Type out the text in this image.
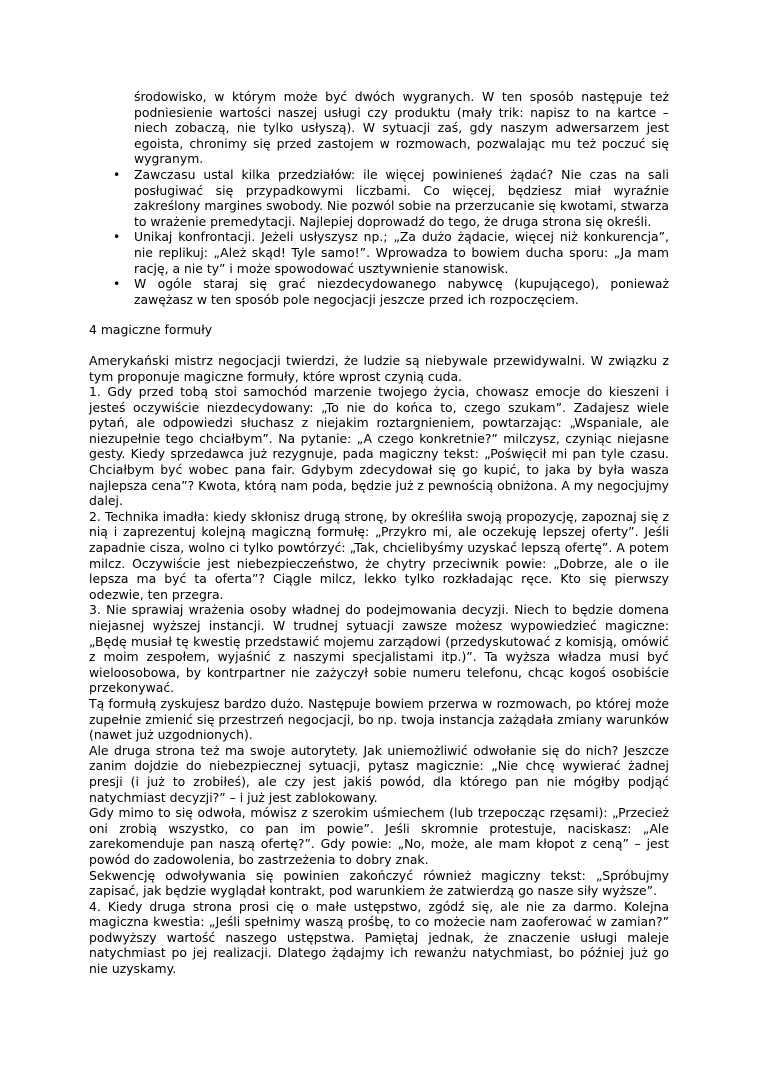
środowisko, w którym może być dwóch wygranych. W ten sposób następuje też podniesienie wartości naszej usługi czy produktu (mały trik: napisz to na kartce – niech zobaczą, nie tylko usłyszą). W sytuacji zaś, gdy naszym adwersarzem jest egoista, chronimy się przed zastojem w rozmowach, pozwalając mu też poczuć się wygranym.

• Zawczasu ustal kilka przedziałów: ile więcej powinieneś żądać? Nie czas na sali posługiwać się przypadkowymi liczbami. Co więcej, będziesz miał wyraźnie zakreślony margines swobody. Nie pozwól sobie na przerzucanie się kwotami, stwarza to wrażenie premedytacji. Najlepiej doprowadź do tego, że druga strona się określi.
• Unikaj konfrontacji. Jeżeli usłyszysz np.; „Za dużo żądacie, więcej niż konkurencja”, nie replikuj: „Ależ skąd! Tyle samo!”. Wprowadza to bowiem ducha sporu: „Ja mam rację, a nie ty” i może spowodować usztywnienie stanowisk.
• W ogóle staraj się grać niezdecydowanego nabywcę (kupującego), ponieważ zawężasz w ten sposób pole negocjacji jeszcze przed ich rozpoczęciem.

4 magiczne formuły

Amerykański mistrz negocjacji twierdzi, że ludzie są niebywale przewidywalni. W związku z tym proponuje magiczne formuły, które wprost czynią cuda.

1. Gdy przed tobą stoi samochód marzenie twojego życia, chowasz emocje do kieszeni i jesteś oczywiście niezdecydowany: „To nie do końca to, czego szukam”. Zadajesz wiele pytań, ale odpowiedzi słuchasz z niejakim roztargnieniem, powtarzając: „Wspaniale, ale niezupełnie tego chciałbym”. Na pytanie: „A czego konkretnie?” milczysz, czyniąc niejasne gesty. Kiedy sprzedawca już rezygnuje, pada magiczny tekst: „Poświęcił mi pan tyle czasu. Chciałbym być wobec pana fair. Gdybym zdecydował się go kupić, to jaka by była wasza najlepsza cena”? Kwota, którą nam poda, będzie już z pewnością obniżona. A my negocjujmy dalej.

2. Technika imadła: kiedy skłonisz drugą stronę, by określiła swoją propozycję, zapoznaj się z nią i zaprezentuj kolejną magiczną formułę: „Przykro mi, ale oczekuję lepszej oferty”. Jeśli zapadnie cisza, wolno ci tylko powtórzyć: „Tak, chcielibyśmy uzyskać lepszą ofertę”. A potem milcz. Oczywiście jest niebezpieczeństwo, że chytry przeciwnik powie: „Dobrze, ale o ile lepsza ma być ta oferta”? Ciągle milcz, lekko tylko rozkładając ręce. Kto się pierwszy odezwie, ten przegra.

3. Nie sprawiaj wrażenia osoby władnej do podejmowania decyzji. Niech to będzie domena niejasnej wyższej instancji. W trudnej sytuacji zawsze możesz wypowiedzieć magiczne: „Będę musiał tę kwestię przedstawić mojemu zarządowi (przedyskutować z komisją, omówić z moim zespołem, wyjaśnić z naszymi specjalistami itp.)”. Ta wyższa władza musi być wieloosobowa, by kontrpartner nie zażyczył sobie numeru telefonu, chcąc kogoś osobiście przekonywać.

Tą formułą zyskujesz bardzo dużo. Następuje bowiem przerwa w rozmowach, po której może zupełnie zmienić się przestrzeń negocjacji, bo np. twoja instancja zażądała zmiany warunków (nawet już uzgodnionych).

Ale druga strona też ma swoje autorytety. Jak uniemożliwić odwołanie się do nich? Jeszcze zanim dojdzie do niebezpiecznej sytuacji, pytasz magicznie: „Nie chcę wywierać żadnej presji (i już to zrobiłeś), ale czy jest jakiś powód, dla którego pan nie mógłby podjąć natychmiast decyzji?” – i już jest zablokowany.

Gdy mimo to się odwoła, mówisz z szerokim uśmiechem (lub trzepocząc rzęsami): „Przecież oni zrobią wszystko, co pan im powie”. Jeśli skromnie protestuje, naciskasz: „Ale zarekomenduje pan naszą ofertę?”. Gdy powie: „No, może, ale mam kłopot z ceną” – jest powód do zadowolenia, bo zastrzeżenia to dobry znak.

Sekwencję odwoływania się powinien zakończyć również magiczny tekst: „Spróbujmy zapisać, jak będzie wyglądał kontrakt, pod warunkiem że zatwierdzą go nasze siły wyższe”.

4. Kiedy druga strona prosi cię o małe ustępstwo, zgódź się, ale nie za darmo. Kolejna magiczna kwestia: „Jeśli spełnimy waszą prośbę, to co możecie nam zaoferować w zamian?” podwyższy wartość naszego ustępstwa. Pamiętaj jednak, że znaczenie usługi maleje natychmiast po jej realizacji. Dlatego żądajmy ich rewanżu natychmiast, bo później już go nie uzyskamy.
